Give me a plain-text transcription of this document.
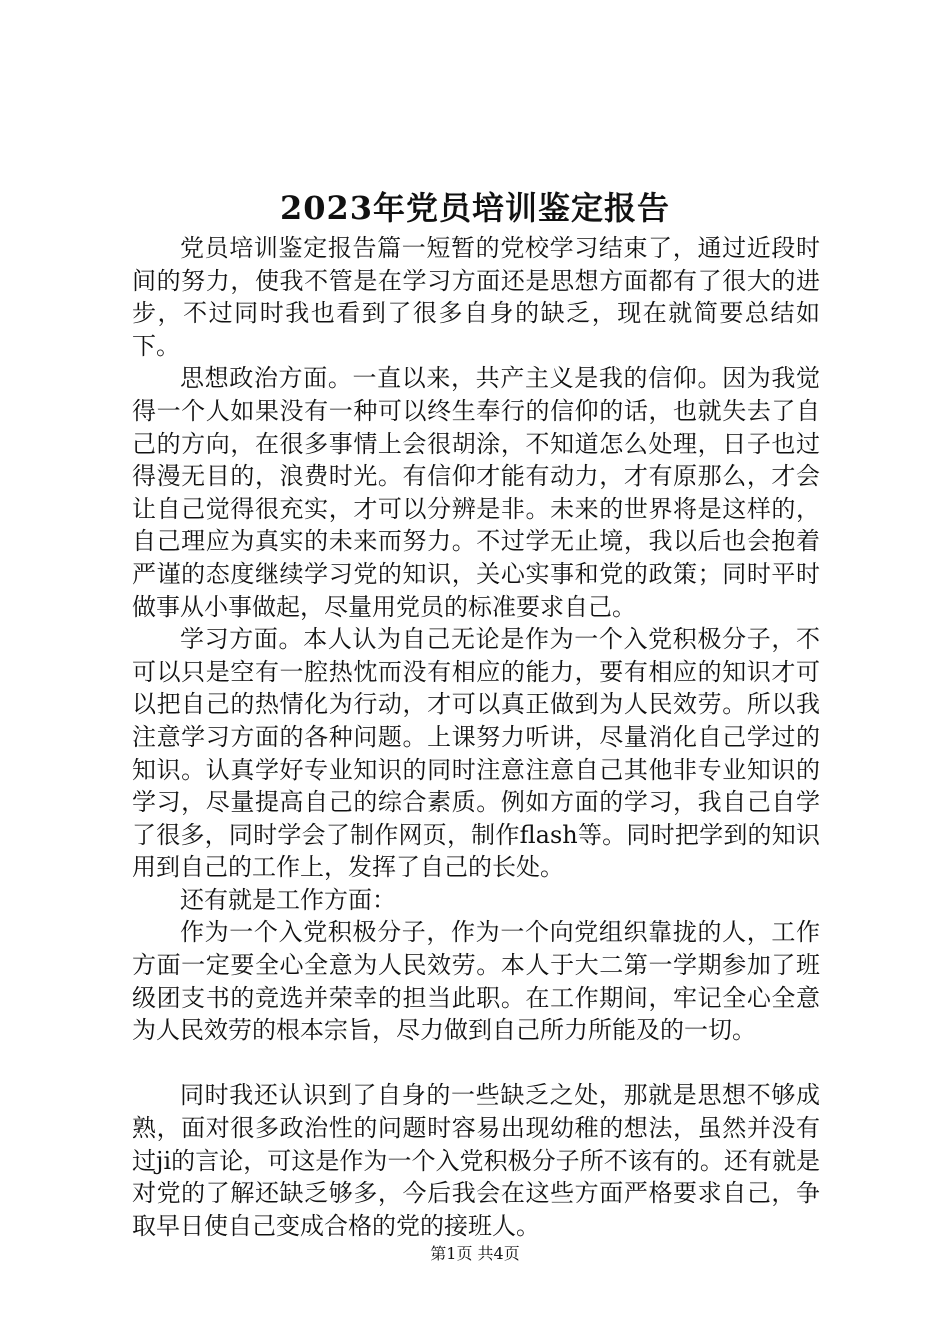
2023年党员培训鉴定报告

党员培训鉴定报告篇一短暂的党校学习结束了，通过近段时间的努力，使我不管是在学习方面还是思想方面都有了很大的进步，不过同时我也看到了很多自身的缺乏，现在就简要总结如下。

思想政治方面。一直以来，共产主义是我的信仰。因为我觉得一个人如果没有一种可以终生奉行的信仰的话，也就失去了自己的方向，在很多事情上会很胡涂，不知道怎么处理，日子也过得漫无目的，浪费时光。有信仰才能有动力，才有原那么，才会让自己觉得很充实，才可以分辨是非。未来的世界将是这样的，自己理应为真实的未来而努力。不过学无止境，我以后也会抱着严谨的态度继续学习党的知识，关心实事和党的政策；同时平时做事从小事做起，尽量用党员的标准要求自己。

学习方面。本人认为自己无论是作为一个入党积极分子，不可以只是空有一腔热忱而没有相应的能力，要有相应的知识才可以把自己的热情化为行动，才可以真正做到为人民效劳。所以我注意学习方面的各种问题。上课努力听讲，尽量消化自己学过的知识。认真学好专业知识的同时注意注意自己其他非专业知识的学习，尽量提高自己的综合素质。例如方面的学习，我自己自学了很多，同时学会了制作网页，制作flash等。同时把学到的知识用到自己的工作上，发挥了自己的长处。

还有就是工作方面：

作为一个入党积极分子，作为一个向党组织靠拢的人，工作方面一定要全心全意为人民效劳。本人于大二第一学期参加了班级团支书的竞选并荣幸的担当此职。在工作期间，牢记全心全意为人民效劳的根本宗旨，尽力做到自己所力所能及的一切。

同时我还认识到了自身的一些缺乏之处，那就是思想不够成熟，面对很多政治性的问题时容易出现幼稚的想法，虽然并没有过ji的言论，可这是作为一个入党积极分子所不该有的。还有就是对党的了解还缺乏够多，今后我会在这些方面严格要求自己，争取早日使自己变成合格的党的接班人。

第1页 共4页
